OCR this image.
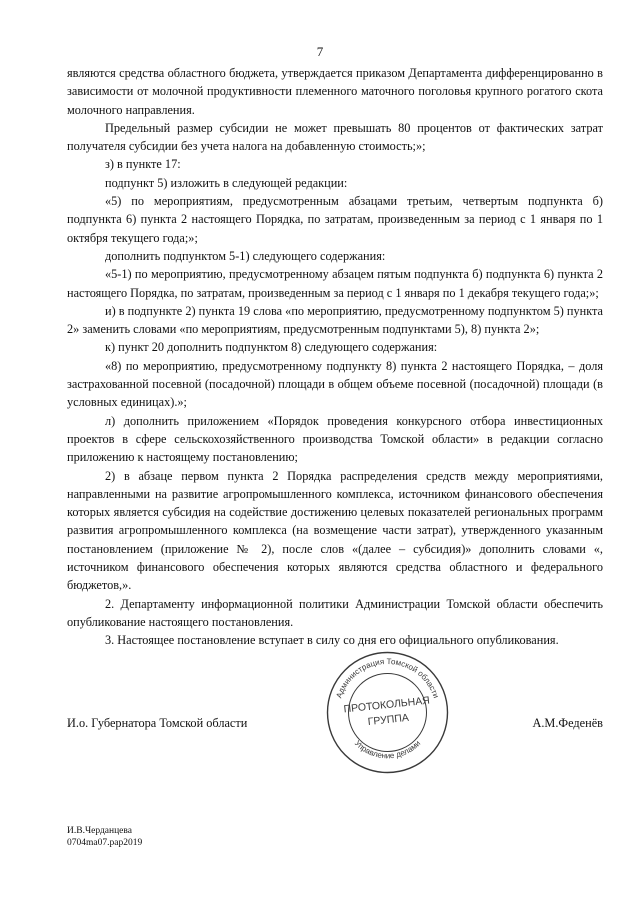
7

являются средства областного бюджета, утверждается приказом Департамента дифференцированно в зависимости от молочной продуктивности племенного маточного поголовья крупного рогатого скота молочного направления.

Предельный размер субсидии не может превышать 80 процентов от фактических затрат получателя субсидии без учета налога на добавленную стоимость;»;

з) в пункте 17:

подпункт 5) изложить в следующей редакции:

«5) по мероприятиям, предусмотренным абзацами третьим, четвертым подпункта б) подпункта 6) пункта 2 настоящего Порядка, по затратам, произведенным за период с 1 января по 1 октября текущего года;»;

дополнить подпунктом 5-1) следующего содержания:

«5-1) по мероприятию, предусмотренному абзацем пятым подпункта б) подпункта 6) пункта 2 настоящего Порядка, по затратам, произведенным за период с 1 января по 1 декабря текущего года;»;

и) в подпункте 2) пункта 19 слова «по мероприятию, предусмотренному подпунктом 5) пункта 2» заменить словами «по мероприятиям, предусмотренным подпунктами 5), 8) пункта 2»;

к) пункт 20 дополнить подпунктом 8) следующего содержания:

«8) по мероприятию, предусмотренному подпункту 8) пункта 2 настоящего Порядка, – доля застрахованной посевной (посадочной) площади в общем объеме посевной (посадочной) площади (в условных единицах).»;

л) дополнить приложением «Порядок проведения конкурсного отбора инвестиционных проектов в сфере сельскохозяйственного производства Томской области» в редакции согласно приложению к настоящему постановлению;

2) в абзаце первом пункта 2 Порядка распределения средств между мероприятиями, направленными на развитие агропромышленного комплекса, источником финансового обеспечения которых является субсидия на содействие достижению целевых показателей региональных программ развития агропромышленного комплекса (на возмещение части затрат), утвержденного указанным постановлением (приложение № 2), после слов «(далее – субсидия)» дополнить словами «, источником финансового обеспечения которых являются средства областного и федерального бюджетов,».

2. Департаменту информационной политики Администрации Томской области обеспечить опубликование настоящего постановления.

3. Настоящее постановление вступает в силу со дня его официального опубликования.

Администрация Томской области
Управление делами
ПРОТОКОЛЬНАЯ
ГРУППА
И.о. Губернатора Томской области	А.М.Феденёв
И.В.Черданцева
0704ma07.pap2019
